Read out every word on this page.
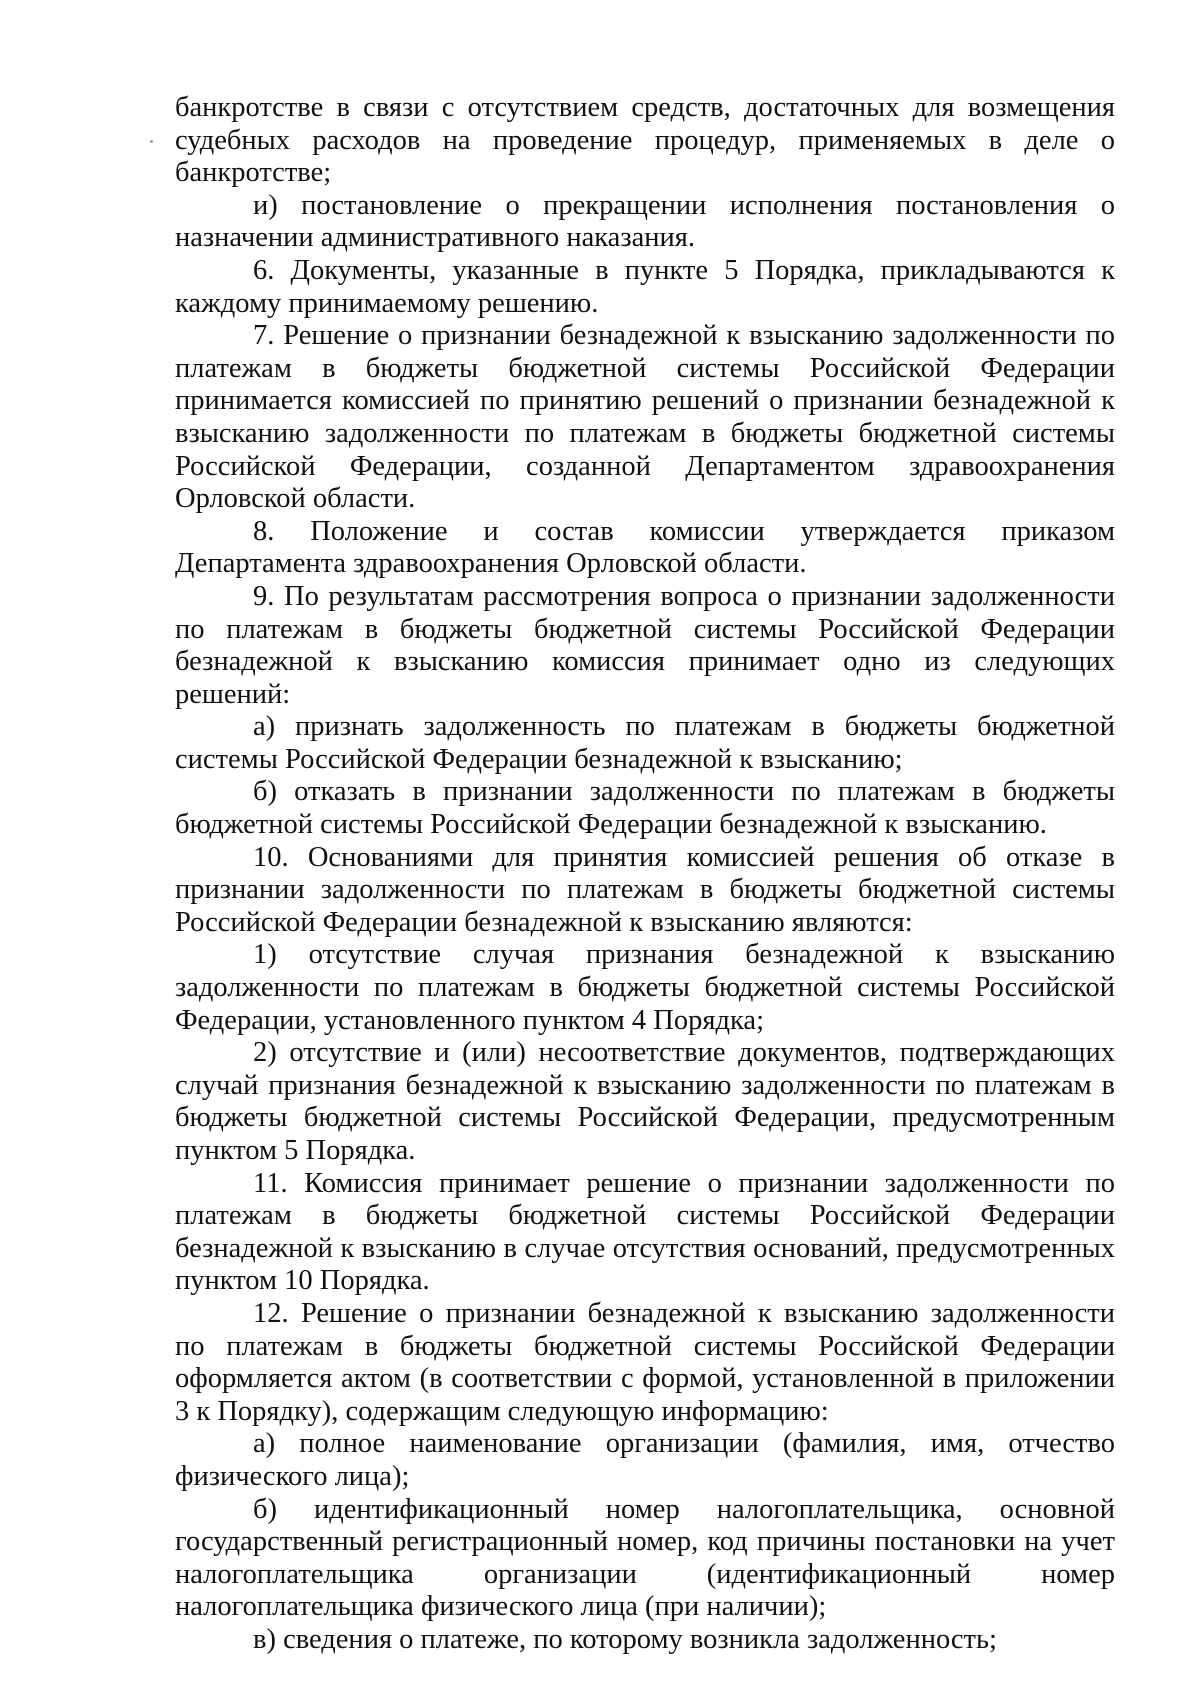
банкротстве в связи с отсутствием средств, достаточных для возмещения судебных расходов на проведение процедур, применяемых в деле о банкротстве;

и) постановление о прекращении исполнения постановления о назначении административного наказания.

6. Документы, указанные в пункте 5 Порядка, прикладываются к каждому принимаемому решению.

7. Решение о признании безнадежной к взысканию задолженности по платежам в бюджеты бюджетной системы Российской Федерации принимается комиссией по принятию решений о признании безнадежной к взысканию задолженности по платежам в бюджеты бюджетной системы Российской Федерации, созданной Департаментом здравоохранения Орловской области.

8. Положение и состав комиссии утверждается приказом Департамента здравоохранения Орловской области.

9. По результатам рассмотрения вопроса о признании задолженности по платежам в бюджеты бюджетной системы Российской Федерации безнадежной к взысканию комиссия принимает одно из следующих решений:

а) признать задолженность по платежам в бюджеты бюджетной системы Российской Федерации безнадежной к взысканию;

б) отказать в признании задолженности по платежам в бюджеты бюджетной системы Российской Федерации безнадежной к взысканию.

10. Основаниями для принятия комиссией решения об отказе в признании задолженности по платежам в бюджеты бюджетной системы Российской Федерации безнадежной к взысканию являются:

1) отсутствие случая признания безнадежной к взысканию задолженности по платежам в бюджеты бюджетной системы Российской Федерации, установленного пунктом 4 Порядка;

2) отсутствие и (или) несоответствие документов, подтверждающих случай признания безнадежной к взысканию задолженности по платежам в бюджеты бюджетной системы Российской Федерации, предусмотренным пунктом 5 Порядка.

11. Комиссия принимает решение о признании задолженности по платежам в бюджеты бюджетной системы Российской Федерации безнадежной к взысканию в случае отсутствия оснований, предусмотренных пунктом 10 Порядка.

12. Решение о признании безнадежной к взысканию задолженности по платежам в бюджеты бюджетной системы Российской Федерации оформляется актом (в соответствии с формой, установленной в приложении 3 к Порядку), содержащим следующую информацию:

а) полное наименование организации (фамилия, имя, отчество физического лица);

б) идентификационный номер налогоплательщика, основной государственный регистрационный номер, код причины постановки на учет налогоплательщика организации (идентификационный номер налогоплательщика физического лица (при наличии);

в) сведения о платеже, по которому возникла задолженность;
